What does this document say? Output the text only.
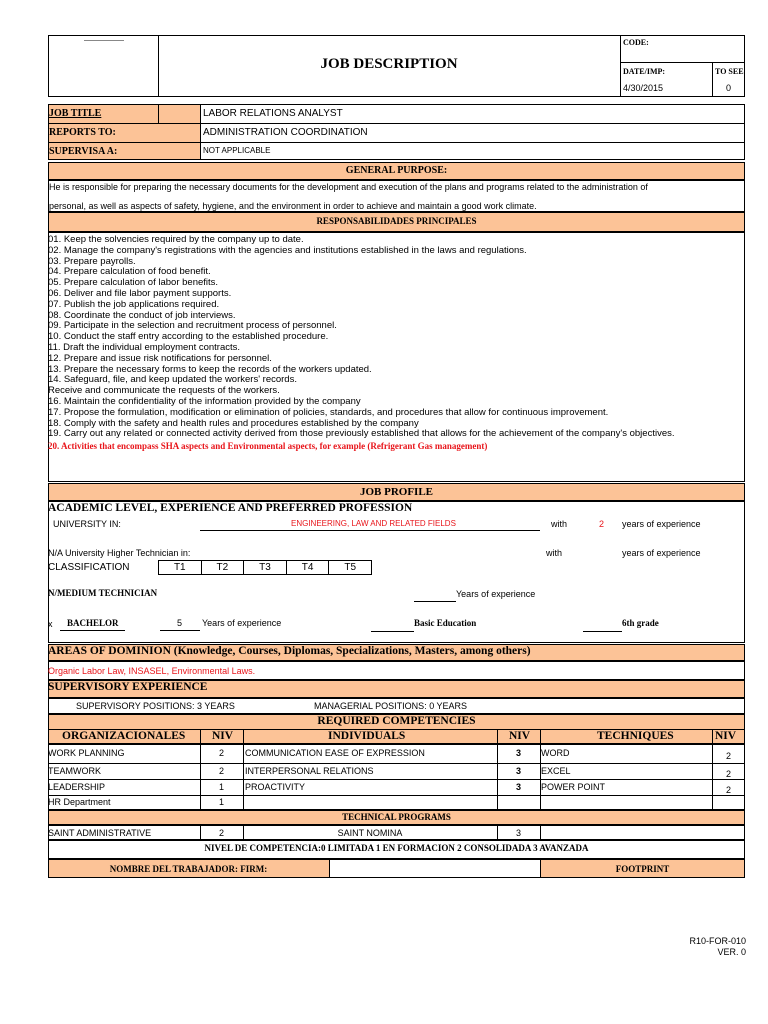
JOB DESCRIPTION
CODE:
DATE/IMP:
4/30/2015
TO SEE
0
JOB TITLE	LABOR RELATIONS ANALYST
REPORTS TO:	ADMINISTRATION COORDINATION
SUPERVISA A:	NOT APPLICABLE
GENERAL PURPOSE:
He is responsible for preparing the necessary documents for the development and execution of the plans and programs related to the administration of
personal, as well as aspects of safety, hygiene, and the environment in order to achieve and maintain a good work climate.
RESPONSABILIDADES PRINCIPALES
01. Keep the solvencies required by the company up to date.
02. Manage the company's registrations with the agencies and institutions established in the laws and regulations.
03. Prepare payrolls.
04. Prepare calculation of food benefit.
05. Prepare calculation of labor benefits.
06. Deliver and file labor payment supports.
07. Publish the job applications required.
08. Coordinate the conduct of job interviews.
09. Participate in the selection and recruitment process of personnel.
10. Conduct the staff entry according to the established procedure.
11. Draft the individual employment contracts.
12. Prepare and issue risk notifications for personnel.
13. Prepare the necessary forms to keep the records of the workers updated.
14. Safeguard, file, and keep updated the workers' records.
Receive and communicate the requests of the workers.
16. Maintain the confidentiality of the information provided by the company
17. Propose the formulation, modification or elimination of policies, standards, and procedures that allow for continuous improvement.
18. Comply with the safety and health rules and procedures established by the company
19. Carry out any related or connected activity derived from those previously established that allows for the achievement of the company's objectives.
20. Activities that encompass SHA aspects and Environmental aspects, for example (Refrigerant Gas management)
JOB PROFILE
ACADEMIC LEVEL, EXPERIENCE AND PREFERRED PROFESSION
UNIVERSITY IN:	ENGINEERING, LAW AND RELATED FIELDS	with	2 years of experience
N/A University Higher Technician in:	with	years of experience
CLASSIFICATION	T1	T2	T3	T4	T5
N/MEDIUM TECHNICIAN	Years of experience
x BACHELOR	5 Years of experience	Basic Education	6th grade
AREAS OF DOMINION (Knowledge, Courses, Diplomas, Specializations, Masters, among others)
Organic Labor Law, INSASEL, Environmental Laws.
SUPERVISORY EXPERIENCE
SUPERVISORY POSITIONS: 3 YEARS	MANAGERIAL POSITIONS: 0 YEARS
REQUIRED COMPETENCIES
ORGANIZACIONALES NIV	INDIVIDUALS	NIV	TECHNIQUES	NIV
WORK PLANNING	2	COMMUNICATION EASE OF EXPRESSION	3	WORD	2
TEAMWORK	2	INTERPERSONAL RELATIONS	3	EXCEL	2
LEADERSHIP	1	PROACTIVITY	3	POWER POINT	2
HR Department	1
TECHNICAL PROGRAMS
SAINT ADMINISTRATIVE	2	SAINT NOMINA	3
NIVEL DE COMPETENCIA:0 LIMITADA 1 EN FORMACION 2 CONSOLIDADA 3 AVANZADA
NOMBRE DEL TRABAJADOR: FIRM:	FOOTPRINT
R10-FOR-010
VER. 0
